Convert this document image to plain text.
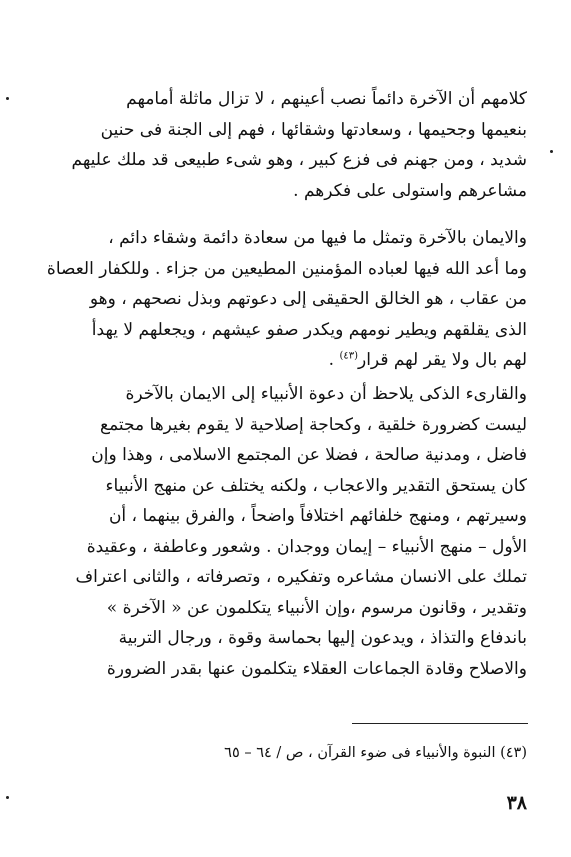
كلامهم أن الآخرة دائماً نصب أعينهم ، لا تزال ماثلة أمامهم
بنعيمها وجحيمها ، وسعادتها وشقائها ، فهم إلى الجنة فى حنين
شديد ، ومن جهنم فى فزع كبير ، وهو شىء طبيعى قد ملك عليهم
مشاعرهم واستولى على فكرهم .
والايمان بالآخرة وتمثل ما فيها من سعادة دائمة وشقاء دائم ،
وما أعد الله فيها لعباده المؤمنين المطيعين من جزاء . وللكفار العصاة
من عقاب ، هو الخالق الحقيقى إلى دعوتهم وبذل نصحهم ، وهو
الذى يقلقهم ويطير نومهم ويكدر صفو عيشهم ، ويجعلهم لا يهدأ
لهم بال ولا يقر لهم قرار$^{(٤٣)}$ .
والقارىء الذكى يلاحظ أن دعوة الأنبياء إلى الايمان بالآخرة
ليست كضرورة خلقية ، وكحاجة إصلاحية لا يقوم بغيرها مجتمع
فاضل ، ومدنية صالحة ، فضلا عن المجتمع الاسلامى ، وهذا وإن
كان يستحق التقدير والاعجاب ، ولكنه يختلف عن منهج الأنبياء
وسيرتهم ، ومنهج خلفائهم اختلافاً واضحاً ، والفرق بينهما ، أن
الأول – منهج الأنبياء – إيمان ووجدان . وشعور وعاطفة ، وعقيدة
تملك على الانسان مشاعره وتفكيره ، وتصرفاته ، والثانى اعتراف
وتقدير ، وقانون مرسوم ،وإن الأنبياء يتكلمون عن « الآخرة »
باندفاع والتذاذ ، ويدعون إليها بحماسة وقوة ، ورجال التربية
والاصلاح وقادة الجماعات العقلاء يتكلمون عنها بقدر الضرورة
(٤٣) النبوة والأنبياء فى ضوء القرآن ، ص / ٦٤ – ٦٥
٣٨
